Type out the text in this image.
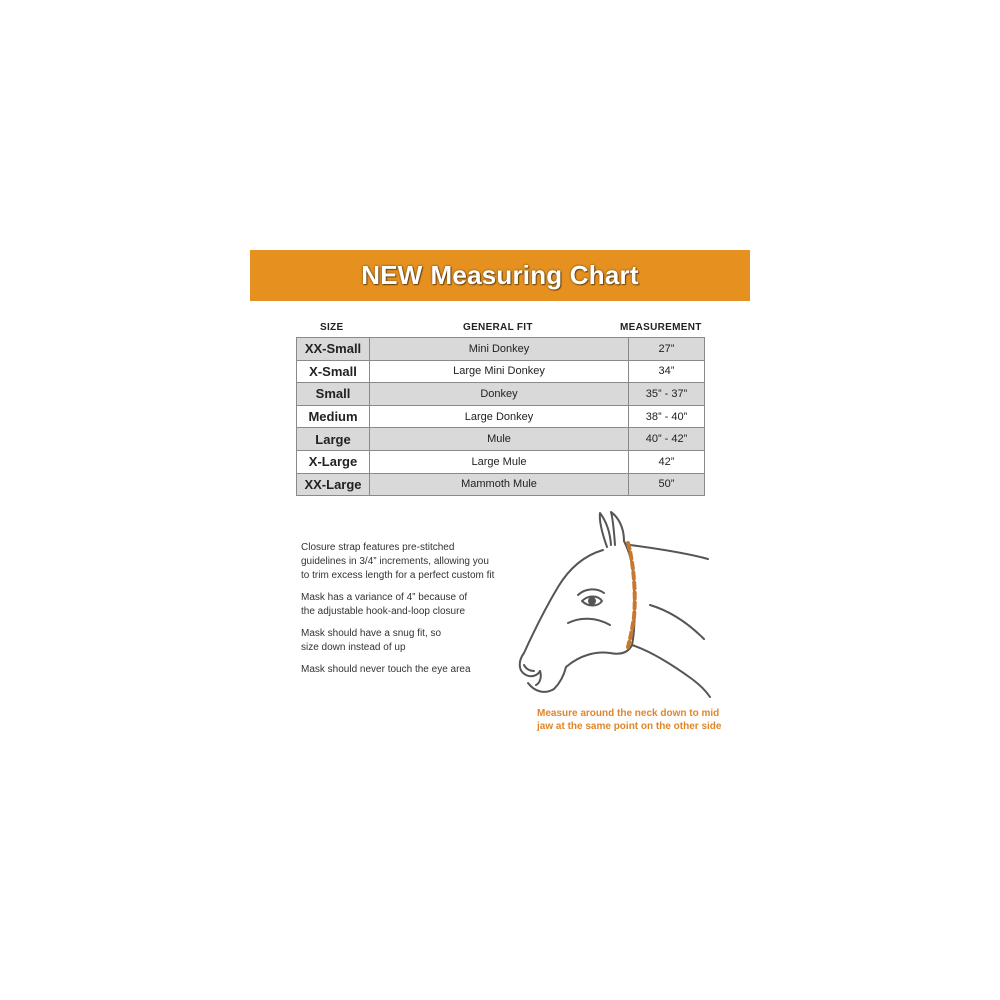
NEW Measuring Chart
SIZE	GENERAL FIT	MEASUREMENT
XX-Small	Mini Donkey	27”
X-Small	Large Mini Donkey	34”
Small	Donkey	35” - 37”
Medium	Large Donkey	38” - 40”
Large	Mule	40” - 42”
X-Large	Large Mule	42”
XX-Large	Mammoth Mule	50”

Closure strap features pre-stitched
guidelines in 3/4” increments, allowing you
to trim excess length for a perfect custom fit

Mask has a variance of 4” because of
the adjustable hook-and-loop closure

Mask should have a snug fit, so
size down instead of up

Mask should never touch the eye area

Measure around the neck down to mid
jaw at the same point on the other side
